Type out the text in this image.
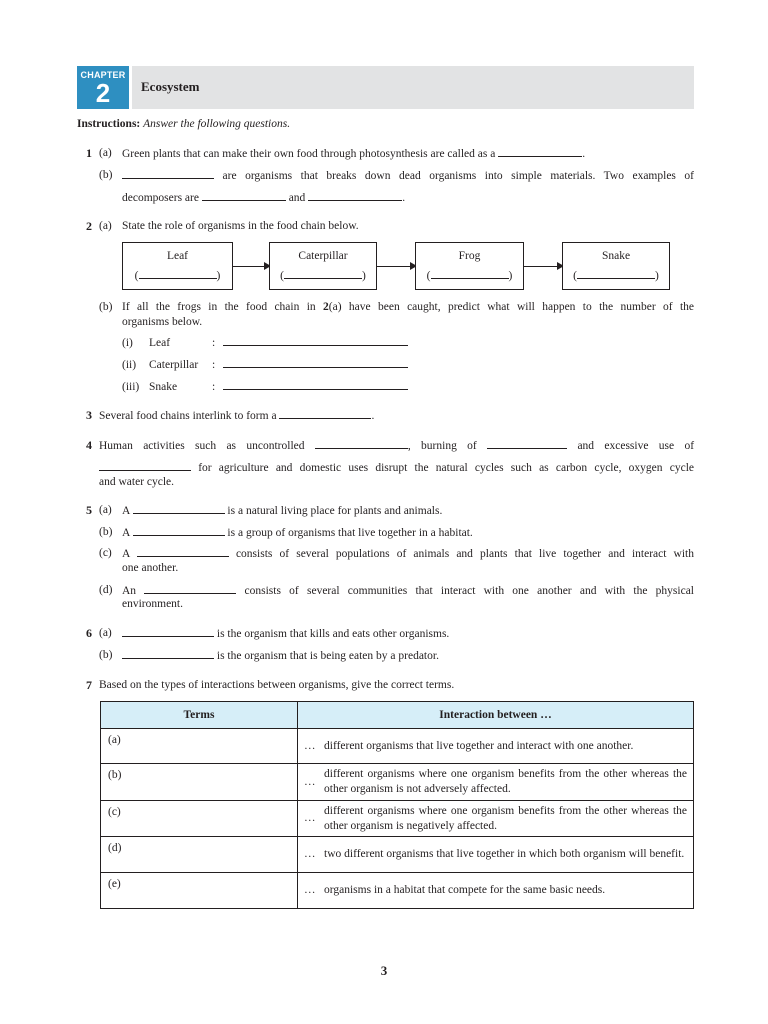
CHAPTER
2	Ecosystem
Instructions: Answer the following questions.
1 (a) Green plants that can make their own food through photosynthesis are called as a	.
(b)	are organisms that breaks down dead organisms into simple materials. Two examples of
decomposers are	and	.
2 (a) State the role of organisms in the food chain below.
Leaf
(	)
Caterpillar
(	)
Frog
(	)
Snake
(	)
(b) If all the frogs in the food chain in 2(a) have been caught, predict what will happen to the number of the
organisms below.
(i) Leaf	:
(ii) Caterpillar :
(iii) Snake	:
3 Several food chains interlink to form a	.
4 Human activities such as uncontrolled	, burning of	and excessive use of
for agriculture and domestic uses disrupt the natural cycles such as carbon cycle, oxygen cycle
and water cycle.
5 (a) A	is a natural living place for plants and animals.
(b) A	is a group of organisms that live together in a habitat.
(c) A	consists of several populations of animals and plants that live together and interact with
one another.
(d) An	consists of several communities that interact with one another and with the physical
environment.
6 (a)	is the organism that kills and eats other organisms.
(b)	is the organism that is being eaten by a predator.
7 Based on the types of interactions between organisms, give the correct terms.
Terms	Interaction between …
(a)	… different organisms that live together and interact with one another.

(b)	…
different organisms where one organism benefits from the other whereas the other organism is not adversely affected.

(c)	…
different organisms where one organism benefits from the other whereas the other organism is negatively affected.

(d)	… two different organisms that live together in which both organism will benefit.

(e)	… organisms in a habitat that compete for the same basic needs.
3
